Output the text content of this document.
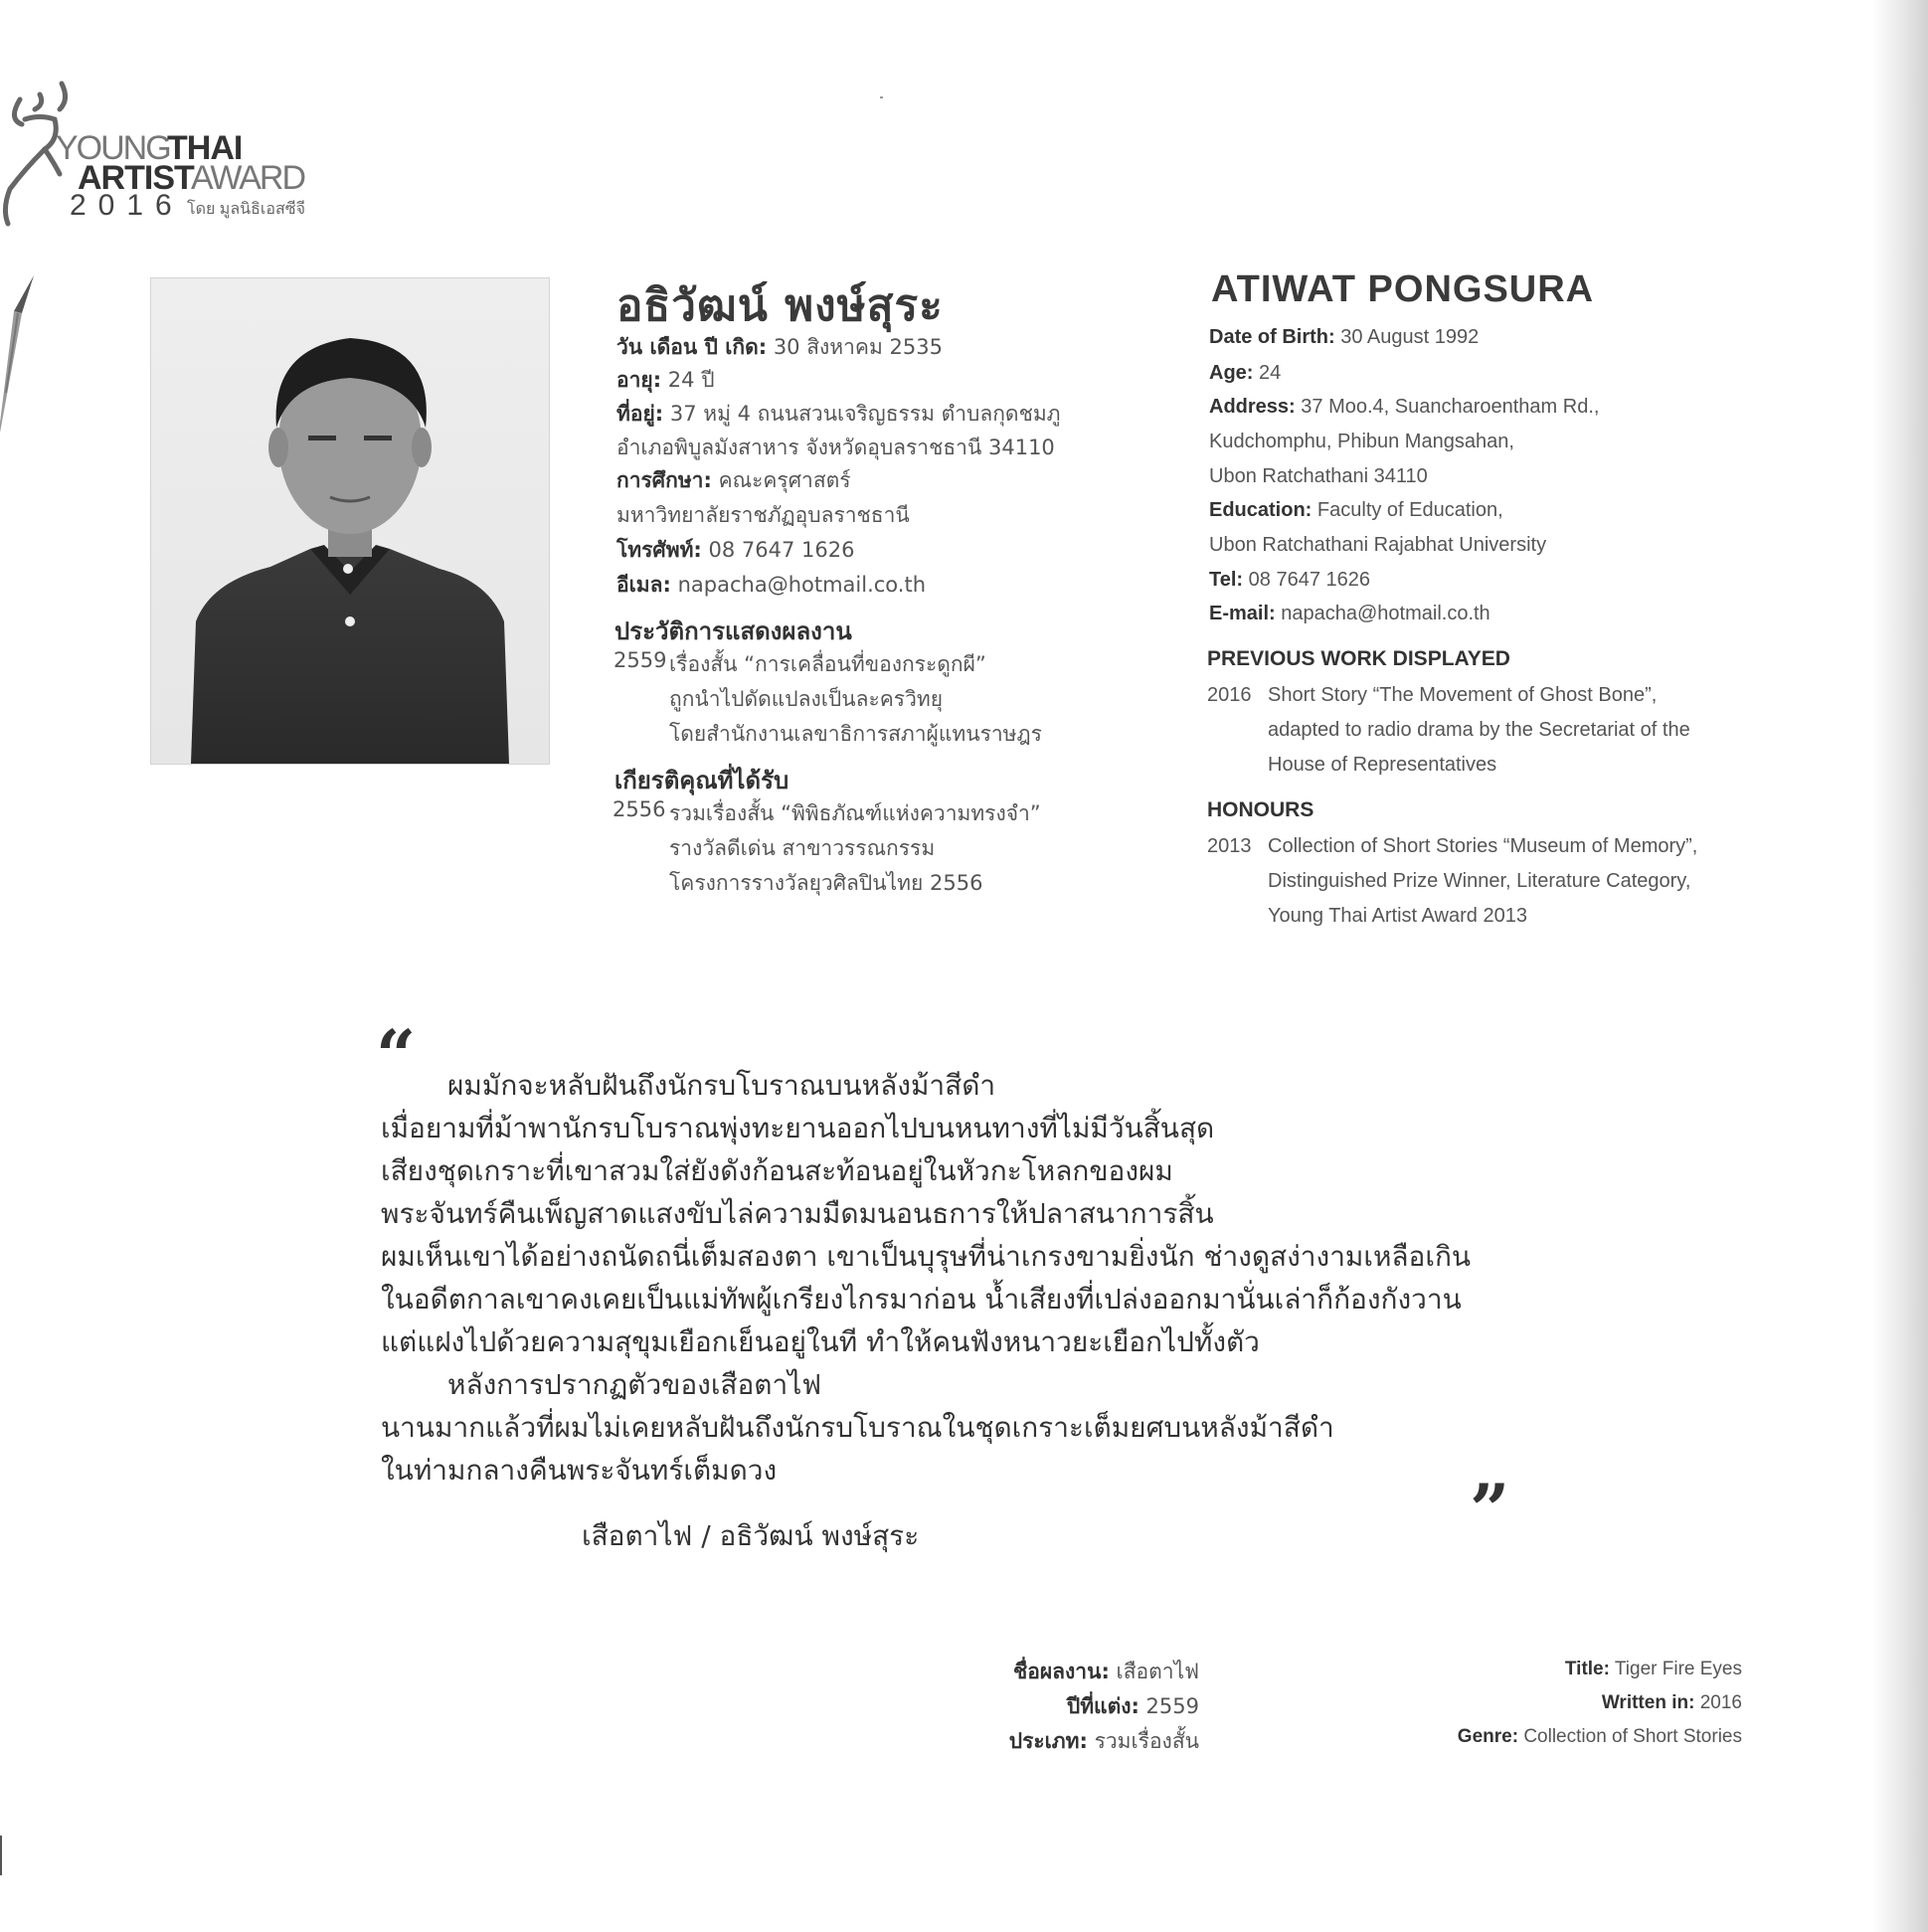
YOUNG
THAI
ARTIST
AWARD
2016 โดย มูลนิธิเอสซีจี
อธิวัฒน์ พงษ์สุระ
วัน เดือน ปี เกิด: 30 สิงหาคม 2535
อายุ: 24 ปี
ที่อยู่: 37 หมู่ 4 ถนนสวนเจริญธรรม ตำบลกุดชมภู
อำเภอพิบูลมังสาหาร จังหวัดอุบลราชธานี 34110
การศึกษา: คณะครุศาสตร์
มหาวิทยาลัยราชภัฏอุบลราชธานี
โทรศัพท์: 08 7647 1626
อีเมล: napacha@hotmail.co.th
ประวัติการแสดงผลงาน
2559 เรื่องสั้น “การเคลื่อนที่ของกระดูกผี”
ถูกนำไปดัดแปลงเป็นละครวิทยุ
โดยสำนักงานเลขาธิการสภาผู้แทนราษฎร
เกียรติคุณที่ได้รับ
2556 รวมเรื่องสั้น “พิพิธภัณฑ์แห่งความทรงจำ”
รางวัลดีเด่น สาขาวรรณกรรม
โครงการรางวัลยุวศิลปินไทย 2556
ATIWAT PONGSURA
Date of Birth: 30 August 1992
Age: 24
Address: 37 Moo.4, Suancharoentham Rd.,
Kudchomphu, Phibun Mangsahan,
Ubon Ratchathani 34110
Education: Faculty of Education,
Ubon Ratchathani Rajabhat University
Tel: 08 7647 1626
E-mail: napacha@hotmail.co.th
PREVIOUS WORK DISPLAYED
2016 Short Story “The Movement of Ghost Bone”,
adapted to radio drama by the Secretariat of the
House of Representatives
HONOURS
2013 Collection of Short Stories “Museum of Memory”,
Distinguished Prize Winner, Literature Category,
Young Thai Artist Award 2013
“ ผมมักจะหลับฝันถึงนักรบโบราณบนหลังม้าสีดำ
เมื่อยามที่ม้าพานักรบโบราณพุ่งทะยานออกไปบนหนทางที่ไม่มีวันสิ้นสุด
เสียงชุดเกราะที่เขาสวมใส่ยังดังก้อนสะท้อนอยู่ในหัวกะโหลกของผม
พระจันทร์คืนเพ็ญสาดแสงขับไล่ความมืดมนอนธการให้ปลาสนาการสิ้น
ผมเห็นเขาได้อย่างถนัดถนี่เต็มสองตา เขาเป็นบุรุษที่น่าเกรงขามยิ่งนัก ช่างดูสง่างามเหลือเกิน
ในอดีตกาลเขาคงเคยเป็นแม่ทัพผู้เกรียงไกรมาก่อน น้ำเสียงที่เปล่งออกมานั่นเล่าก็ก้องกังวาน
แต่แฝงไปด้วยความสุขุมเยือกเย็นอยู่ในที ทำให้คนฟังหนาวยะเยือกไปทั้งตัว
หลังการปรากฏตัวของเสือตาไฟ
นานมากแล้วที่ผมไม่เคยหลับฝันถึงนักรบโบราณในชุดเกราะเต็มยศบนหลังม้าสีดำ
ในท่ามกลางคืนพระจันทร์เต็มดวง	”
เสือตาไฟ / อธิวัฒน์ พงษ์สุระ
ชื่อผลงาน: เสือตาไฟ
ปีที่แต่ง: 2559
ประเภท: รวมเรื่องสั้น
Title: Tiger Fire Eyes
Written in: 2016
Genre: Collection of Short Stories
